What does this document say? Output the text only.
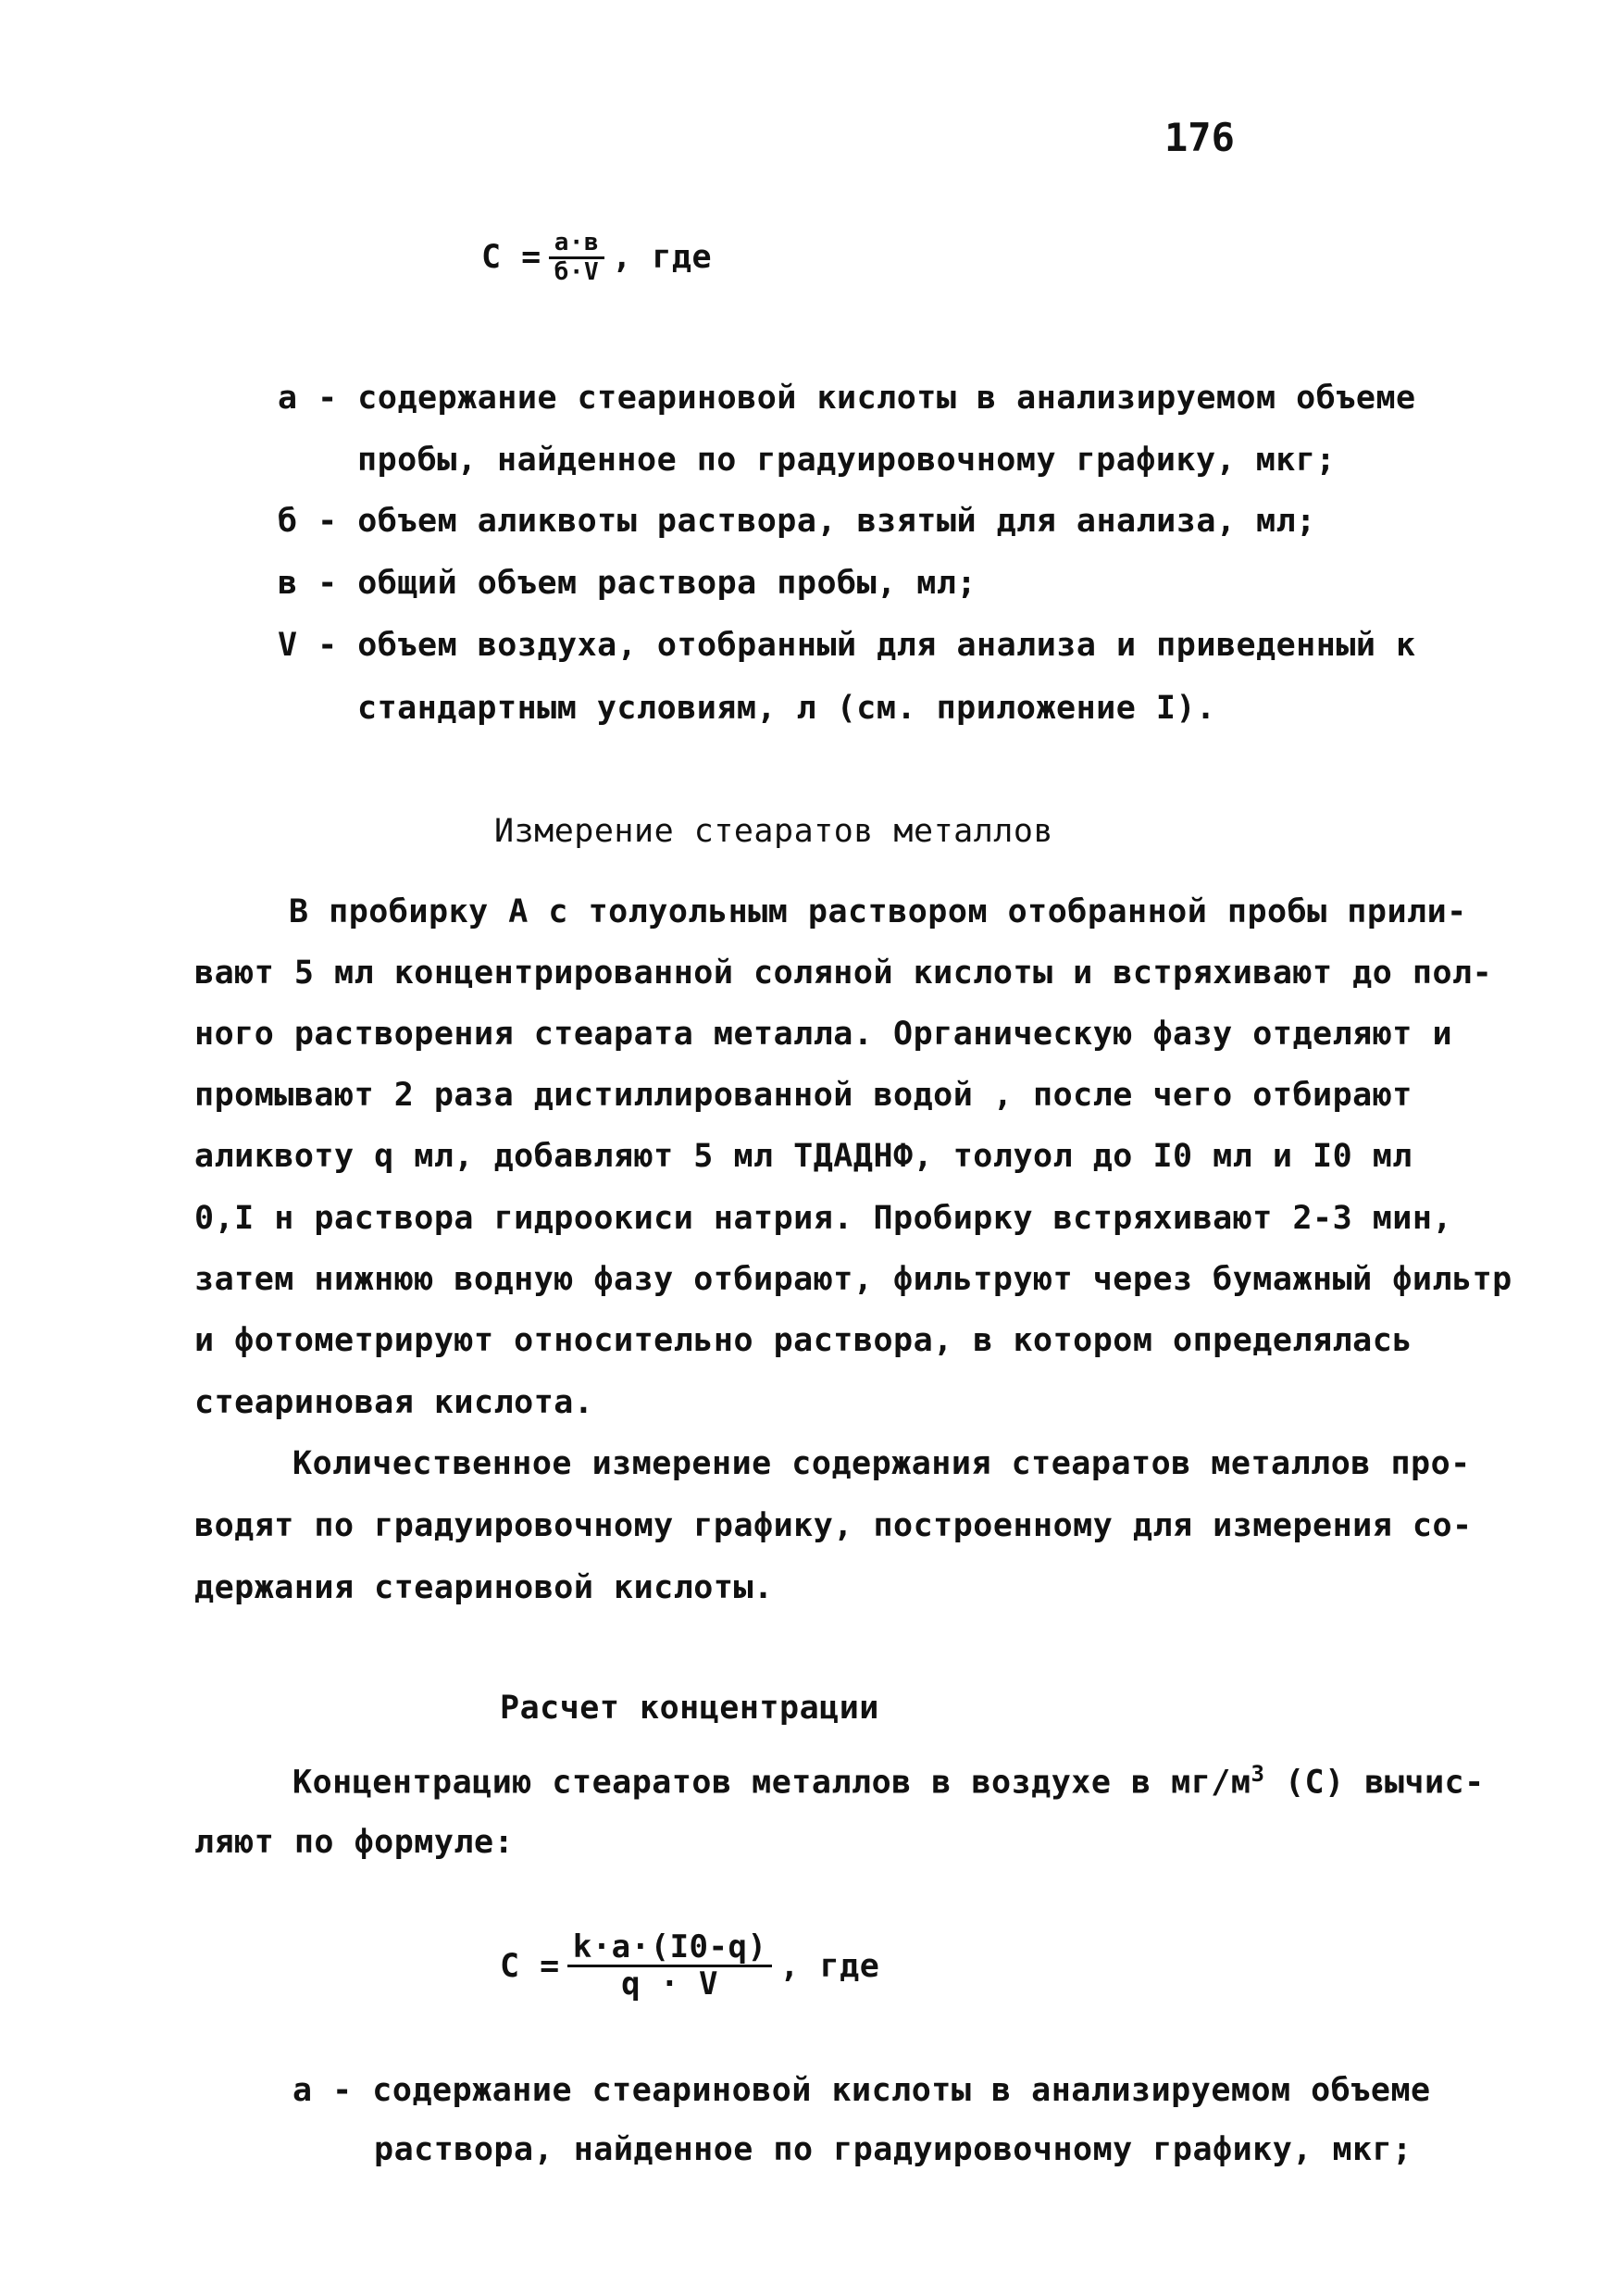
176
$C = \frac{a\cdot в}{б\cdot V}$ , где
a - содержание стеариновой кислоты в анализируемом объеме
пробы, найденное по градуировочному графику, мкг;
б - объем аликвоты раствора, взятый для анализа, мл;
в - общий объем раствора пробы, мл;
V - объем воздуха, отобранный для анализа и приведенный к
стандартным условиям, л (см. приложение I).
Измерение стеаратов металлов
В пробирку А с толуольным раствором отобранной пробы прили-
вают 5 мл концентрированной соляной кислоты и встряхивают до пол-
ного растворения стеарата металла. Органическую фазу отделяют и
промывают 2 раза дистиллированной водой , после чего отбирают
аликвоту q мл, добавляют 5 мл ТДАДНФ, толуол до I0 мл и I0 мл
0,I н раствора гидроокиси натрия. Пробирку встряхивают 2-3 мин,
затем нижнюю водную фазу отбирают, фильтруют через бумажный фильтр
и фотометрируют относительно раствора, в котором определялась
стеариновая кислота.
Количественное измерение содержания стеаратов металлов про-
водят по градуировочному графику, построенному для измерения со-
держания стеариновой кислоты.
Расчет концентрации
Концентрацию стеаратов металлов в воздухе в $мг/м^3$ (С) вычис-
ляют по формуле:
$C = \frac{k\cdot a\cdot(I0-q)}{q \cdot V}$ , где
a - содержание стеариновой кислоты в анализируемом объеме
раствора, найденное по градуировочному графику, мкг;
